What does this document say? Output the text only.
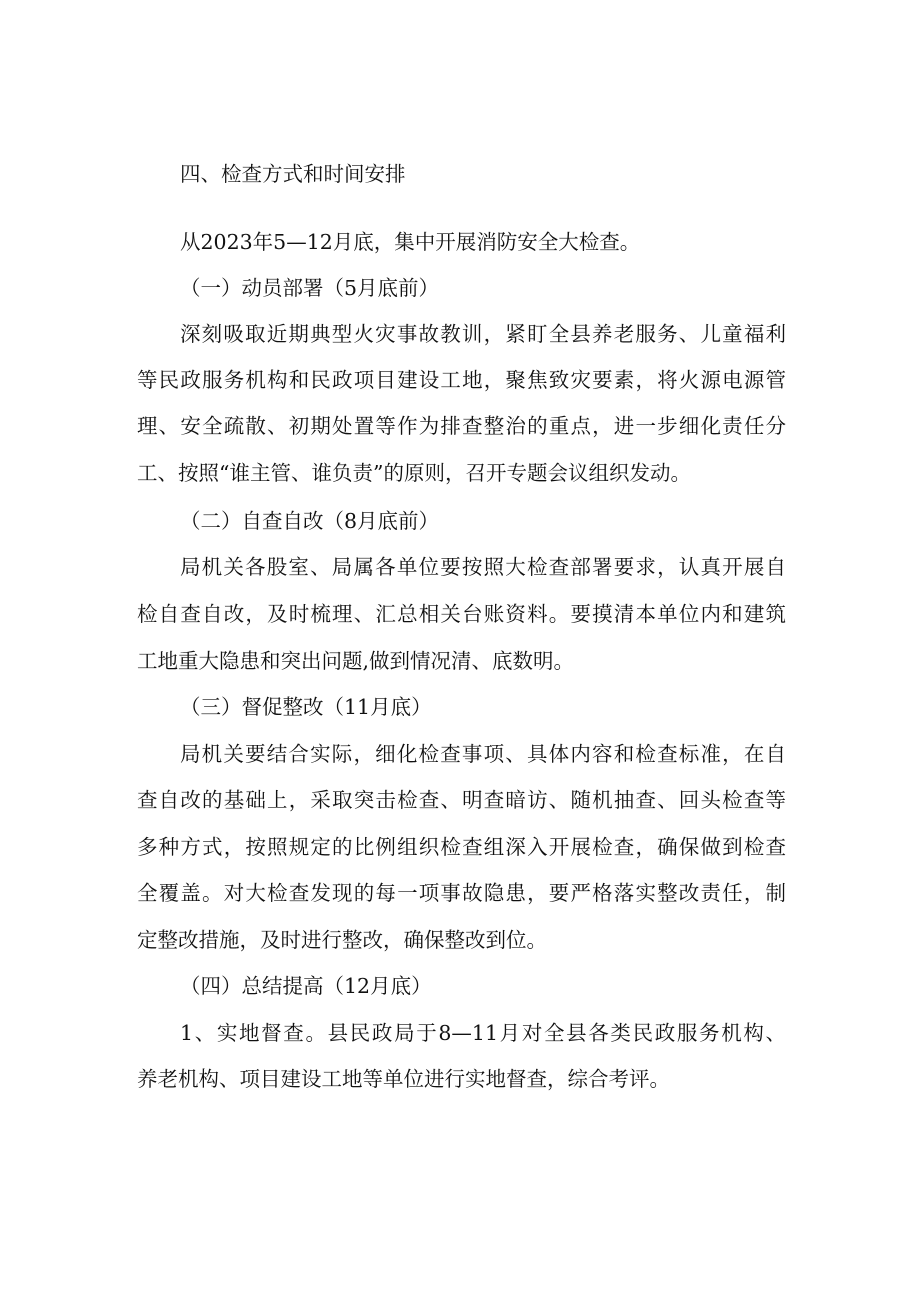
四、检查方式和时间安排
从2023年5—12月底，集中开展消防安全大检查。
（一）动员部署（5月底前）
深刻吸取近期典型火灾事故教训，紧盯全县养老服务、儿童福利
等民政服务机构和民政项目建设工地，聚焦致灾要素，将火源电源管
理、安全疏散、初期处置等作为排查整治的重点，进一步细化责任分
工、按照“谁主管、谁负责”的原则，召开专题会议组织发动。
（二）自查自改（8月底前）
局机关各股室、局属各单位要按照大检查部署要求，认真开展自
检自查自改，及时梳理、汇总相关台账资料。要摸清本单位内和建筑
工地重大隐患和突出问题,做到情况清、底数明。
（三）督促整改（11月底）
局机关要结合实际，细化检查事项、具体内容和检查标准，在自
查自改的基础上，采取突击检查、明查暗访、随机抽查、回头检查等
多种方式，按照规定的比例组织检查组深入开展检查，确保做到检查
全覆盖。对大检查发现的每一项事故隐患，要严格落实整改责任，制
定整改措施，及时进行整改，确保整改到位。
（四）总结提高（12月底）
1、实地督查。县民政局于8—11月对全县各类民政服务机构、
养老机构、项目建设工地等单位进行实地督查，综合考评。
